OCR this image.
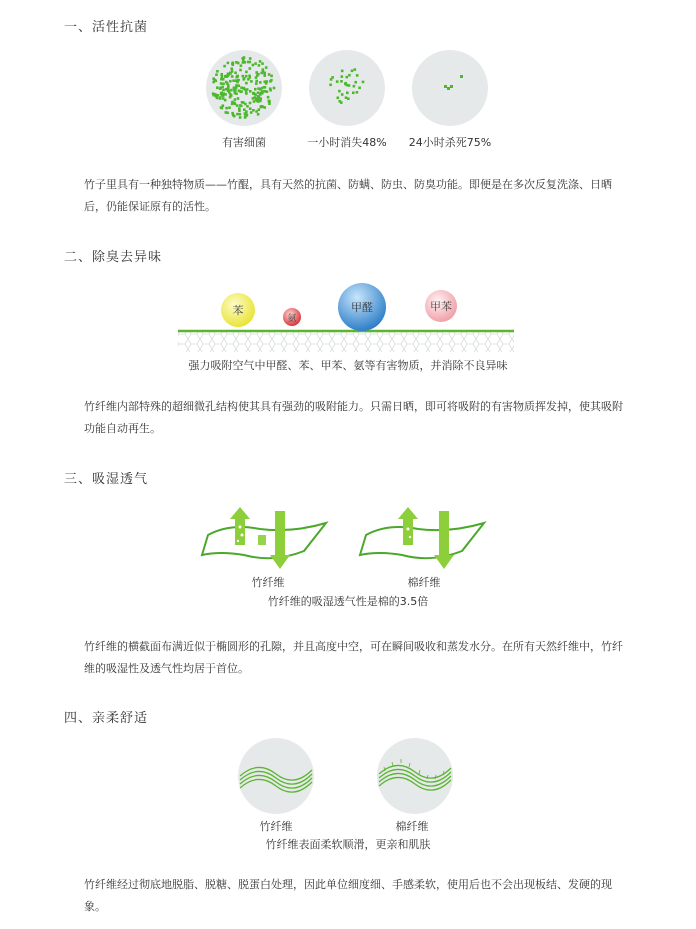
一、活性抗菌
有害细菌	一小时消失48%	24小时杀死75%
竹子里具有一种独特物质——竹醌，具有天然的抗菌、防螨、防虫、防臭功能。即便是在多次反复洗涤、日晒后，仍能保证原有的活性。
二、除臭去异味
苯
氨
甲醛	甲苯
强力吸附空气中甲醛、苯、甲苯、氨等有害物质，并消除不良异味
竹纤维内部特殊的超细微孔结构使其具有强劲的吸附能力。只需日晒，即可将吸附的有害物质挥发掉，使其吸附功能自动再生。
三、吸湿透气
竹纤维	棉纤维
竹纤维的吸湿透气性是棉的3.5倍
竹纤维的横截面布满近似于椭圆形的孔隙，并且高度中空，可在瞬间吸收和蒸发水分。在所有天然纤维中，竹纤维的吸湿性及透气性均居于首位。
四、亲柔舒适
竹纤维	棉纤维
竹纤维表面柔软顺滑，更亲和肌肤
竹纤维经过彻底地脱脂、脱糖、脱蛋白处理，因此单位细度细、手感柔软，使用后也不会出现板结、发硬的现象。
